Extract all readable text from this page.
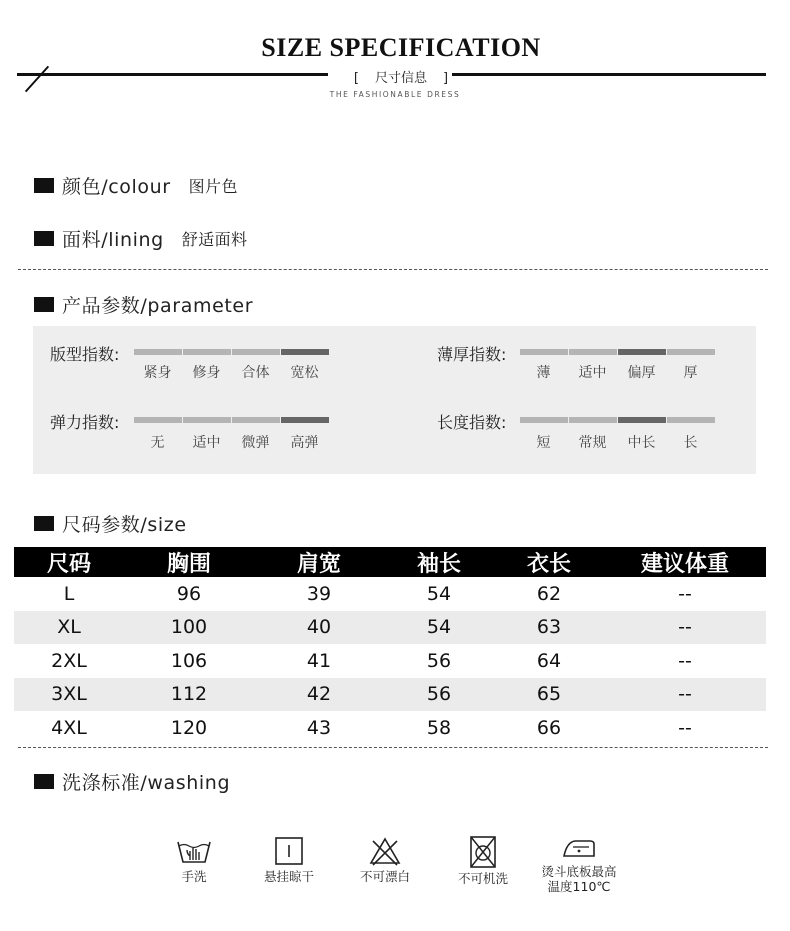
SIZE SPECIFICATION
[ 尺寸信息 ]
THE FASHIONABLE DRESS
颜色/colour 图片色
面料/lining 舒适面料
产品参数/parameter
版型指数:
紧身	修身	合体	宽松
薄厚指数:
薄	适中	偏厚	厚
弹力指数:
无	适中	微弹	高弹
长度指数:
短	常规	中长	长
尺码参数/size
尺码	胸围	肩宽	袖长	衣长	建议体重
L	96	39	54	62	--
XL	100	40	54	63	--
2XL	106	41	56	64	--
3XL	112	42	56	65	--
4XL	120	43	58	66	--
洗涤标准/washing
手洗	悬挂晾干	不可漂白	不可机洗	烫斗底板最高
温度110℃
